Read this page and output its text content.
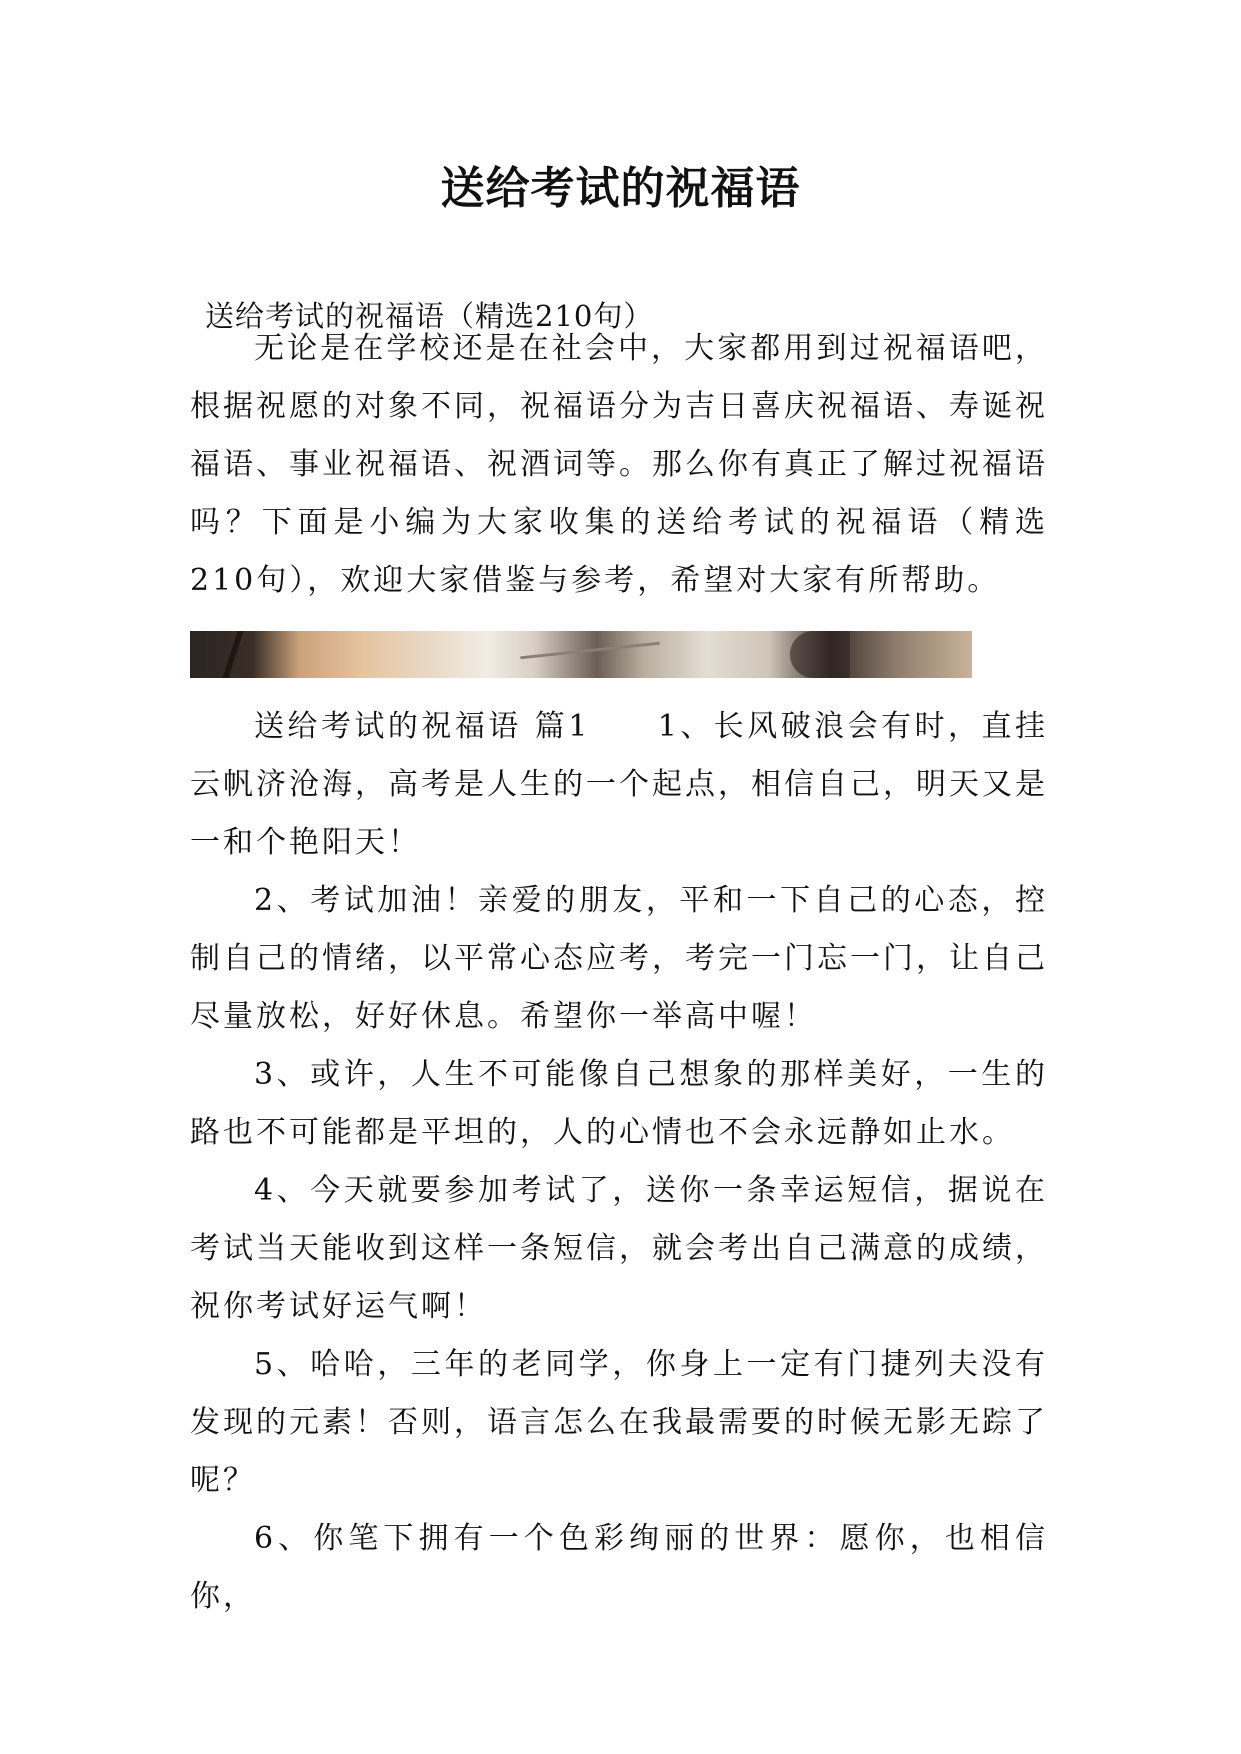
送给考试的祝福语
送给考试的祝福语（精选210句）

无论是在学校还是在社会中，大家都用到过祝福语吧，根据祝愿的对象不同，祝福语分为吉日喜庆祝福语、寿诞祝福语、事业祝福语、祝酒词等。那么你有真正了解过祝福语吗？下面是小编为大家收集的送给考试的祝福语（精选210句），欢迎大家借鉴与参考，希望对大家有所帮助。

送给考试的祝福语 篇1　　1、长风破浪会有时，直挂云帆济沧海，高考是人生的一个起点，相信自己，明天又是一和个艳阳天！

2、考试加油！亲爱的朋友，平和一下自己的心态，控制自己的情绪，以平常心态应考，考完一门忘一门，让自己尽量放松，好好休息。希望你一举高中喔！

3、或许，人生不可能像自己想象的那样美好，一生的路也不可能都是平坦的，人的心情也不会永远静如止水。

4、今天就要参加考试了，送你一条幸运短信，据说在考试当天能收到这样一条短信，就会考出自己满意的成绩，祝你考试好运气啊！

5、哈哈，三年的老同学，你身上一定有门捷列夫没有发现的元素！否则，语言怎么在我最需要的时候无影无踪了呢？

6、你笔下拥有一个色彩绚丽的世界：愿你，也相信你，
